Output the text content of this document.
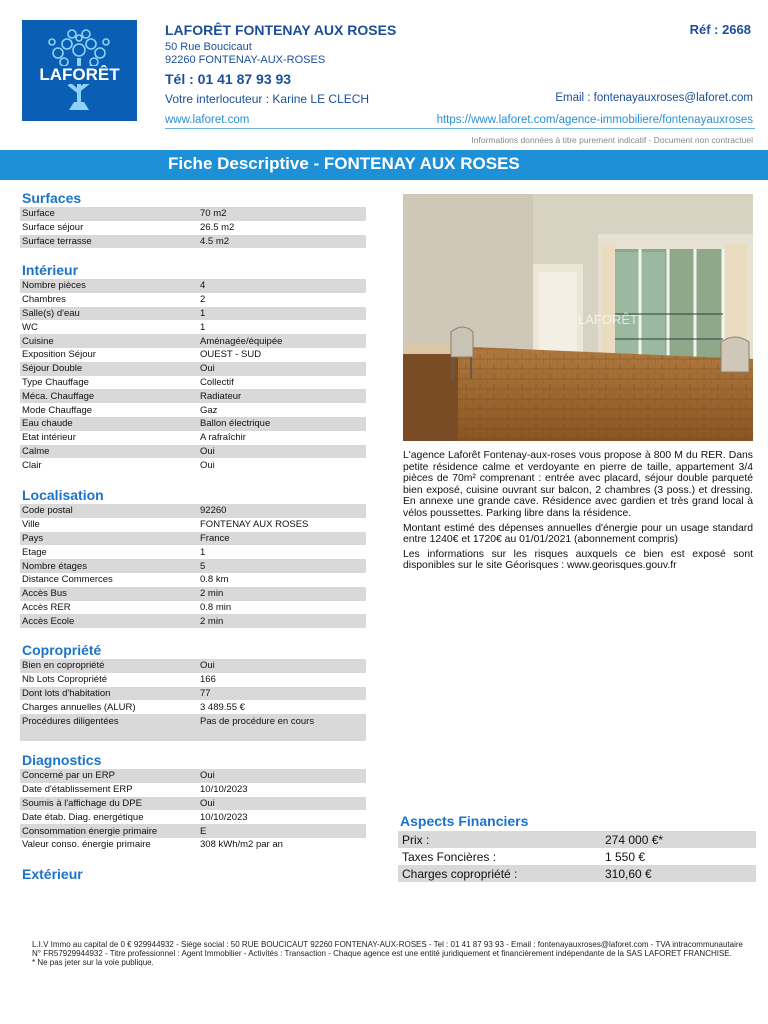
LAFORÊT
LAFORÊT FONTENAY AUX ROSES	Réf : 2668
50 Rue Boucicaut
92260 FONTENAY-AUX-ROSES
Tél : 01 41 87 93 93
Votre interlocuteur : Karine LE CLECH	Email : fontenayauxroses@laforet.com
www.laforet.com	https://www.laforet.com/agence-immobiliere/fontenayauxroses
Informations données à titre purement indicatif - Document non contractuel
Fiche Descriptive - FONTENAY AUX ROSES
Surfaces
Surface	70 m2
Surface séjour	26.5 m2
Surface terrasse	4.5 m2
Intérieur
Nombre pièces	4
Chambres	2
Salle(s) d'eau	1
WC	1
Cuisine	Aménagée/équipée
Exposition Séjour	OUEST - SUD
Séjour Double	Oui
Type Chauffage	Collectif
Méca. Chauffage	Radiateur
Mode Chauffage	Gaz
Eau chaude	Ballon électrique
Etat intérieur	A rafraîchir
Calme	Oui
Clair	Oui
Localisation
Code postal	92260
Ville	FONTENAY AUX ROSES
Pays	France
Etage	1
Nombre étages	5
Distance Commerces	0.8 km
Accès Bus	2 min
Accès RER	0.8 min
Accès Ecole	2 min
Copropriété
Bien en copropriété	Oui
Nb Lots Copropriété	166
Dont lots d'habitation	77
Charges annuelles (ALUR)	3 489.55 €
Procédures diligentées	Pas de procédure en cours
Diagnostics
Concerné par un ERP	Oui
Date d'établissement ERP	10/10/2023
Soumis à l'affichage du DPE	Oui
Date étab. Diag. energétique	10/10/2023
Consommation énergie primaire	E
Valeur conso. énergie primaire	308 kWh/m2 par an
Extérieur
LAFORÊT

L'agence Laforêt Fontenay-aux-roses vous propose à 800 M du RER. Dans petite résidence calme et verdoyante en pierre de taille, appartement 3/4 pièces de 70m² comprenant : entrée avec placard, séjour double parqueté bien exposé, cuisine ouvrant sur balcon, 2 chambres (3 poss.) et dressing. En annexe une grande cave. Résidence avec gardien et très grand local à vélos poussettes. Parking libre dans la résidence.

Montant estimé des dépenses annuelles d'énergie pour un usage standard entre 1240€ et 1720€ au 01/01/2021 (abonnement compris)

Les informations sur les risques auxquels ce bien est exposé sont disponibles sur le site Géorisques : www.georisques.gouv.fr

Aspects Financiers
Prix :	274 000 €*
Taxes Foncières :	1 550 €
Charges copropriété :	310,60 €
L.I.V Immo au capital de 0 € 929944932 - Siège social : 50 RUE BOUCICAUT 92260 FONTENAY-AUX-ROSES - Tel : 01 41 87 93 93 - Email : fontenayauxroses@laforet.com - TVA intracommunautaire N° FR57929944932 - Titre professionnel : Agent Immobilier - Activités : Transaction - Chaque agence est une entité juridiquement et financièrement indépendante de la SAS LAFORET FRANCHISE.
* Ne pas jeter sur la voie publique.
